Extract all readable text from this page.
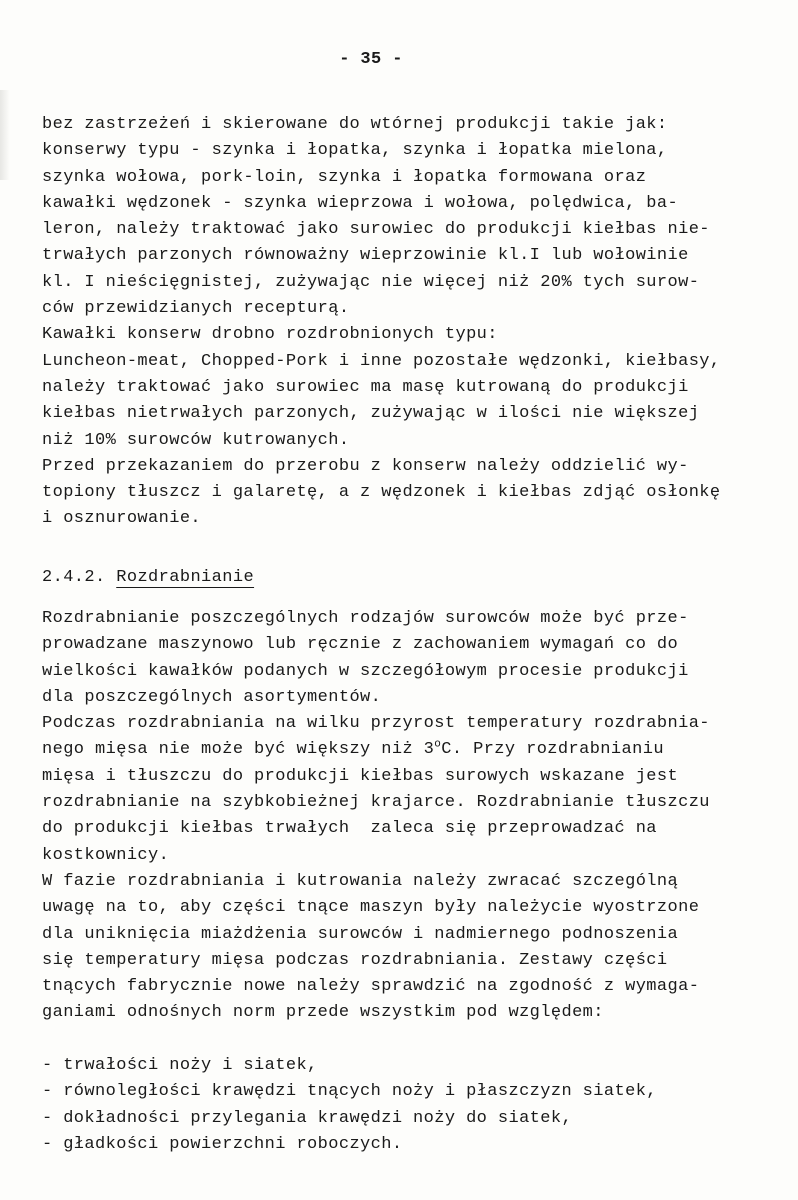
- 35 -
bez zastrzeżeń i skierowane do wtórnej produkcji takie jak:
konserwy typu - szynka i łopatka, szynka i łopatka mielona,
szynka wołowa, pork-loin, szynka i łopatka formowana oraz
kawałki wędzonek - szynka wieprzowa i wołowa, polędwica, ba-
leron, należy traktować jako surowiec do produkcji kiełbas nie-
trwałych parzonych równoważny wieprzowinie kl.I lub wołowinie
kl. I nieścięgnistej, zużywając nie więcej niż 20% tych surow-
ców przewidzianych recepturą.
Kawałki konserw drobno rozdrobnionych typu:
Luncheon-meat, Chopped-Pork i inne pozostałe wędzonki, kiełbasy,
należy traktować jako surowiec ma masę kutrowaną do produkcji
kiełbas nietrwałych parzonych, zużywając w ilości nie większej
niż 10% surowców kutrowanych.
Przed przekazaniem do przerobu z konserw należy oddzielić wy-
topiony tłuszcz i galaretę, a z wędzonek i kiełbas zdjąć osłonkę
i osznurowanie.
2.4.2. Rozdrabnianie
Rozdrabnianie poszczególnych rodzajów surowców może być prze-
prowadzane maszynowo lub ręcznie z zachowaniem wymagań co do
wielkości kawałków podanych w szczegółowym procesie produkcji
dla poszczególnych asortymentów.
Podczas rozdrabniania na wilku przyrost temperatury rozdrabnia-
nego mięsa nie może być większy niż 3$^o$C. Przy rozdrabnianiu
mięsa i tłuszczu do produkcji kiełbas surowych wskazane jest
rozdrabnianie na szybkobieżnej krajarce. Rozdrabnianie tłuszczu
do produkcji kiełbas trwałych  zaleca się przeprowadzać na
kostkownicy.
W fazie rozdrabniania i kutrowania należy zwracać szczególną
uwagę na to, aby części tnące maszyn były należycie wyostrzone
dla uniknięcia miażdżenia surowców i nadmiernego podnoszenia
się temperatury mięsa podczas rozdrabniania. Zestawy części
tnących fabrycznie nowe należy sprawdzić na zgodność z wymaga-
ganiami odnośnych norm przede wszystkim pod względem:
- trwałości noży i siatek,
- równoległości krawędzi tnących noży i płaszczyzn siatek,
- dokładności przylegania krawędzi noży do siatek,
- gładkości powierzchni roboczych.
